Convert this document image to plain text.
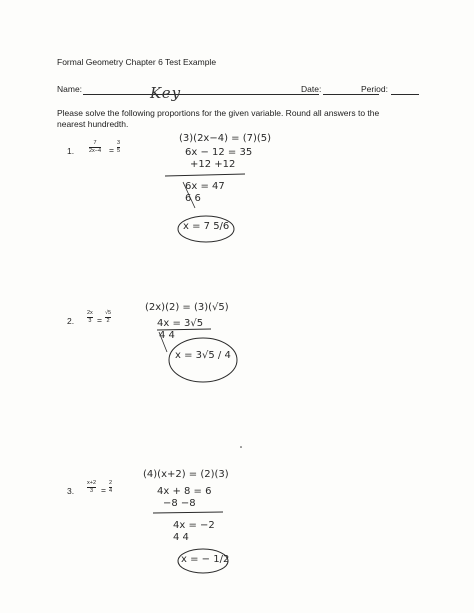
Formal Geometry Chapter 6 Test Example
Name:	Key	Date:	Period:
Please solve the following proportions for the given variable. Round all answers to the nearest hundredth.
1.
7
2x−4 =
3
5
(3)(2x−4) = (7)(5)
6x − 12 = 35
+12 +12
6x = 47
6 6
x = 7 5/6
2.
2x
3 =
√5
2
(2x)(2) = (3)(√5)
4x = 3√5
4 4
x = 3√5 / 4
3.
x+2
3 =
2
4
(4)(x+2) = (2)(3)
4x + 8 = 6
−8 −8
4x = −2
4 4
x = − 1/2
